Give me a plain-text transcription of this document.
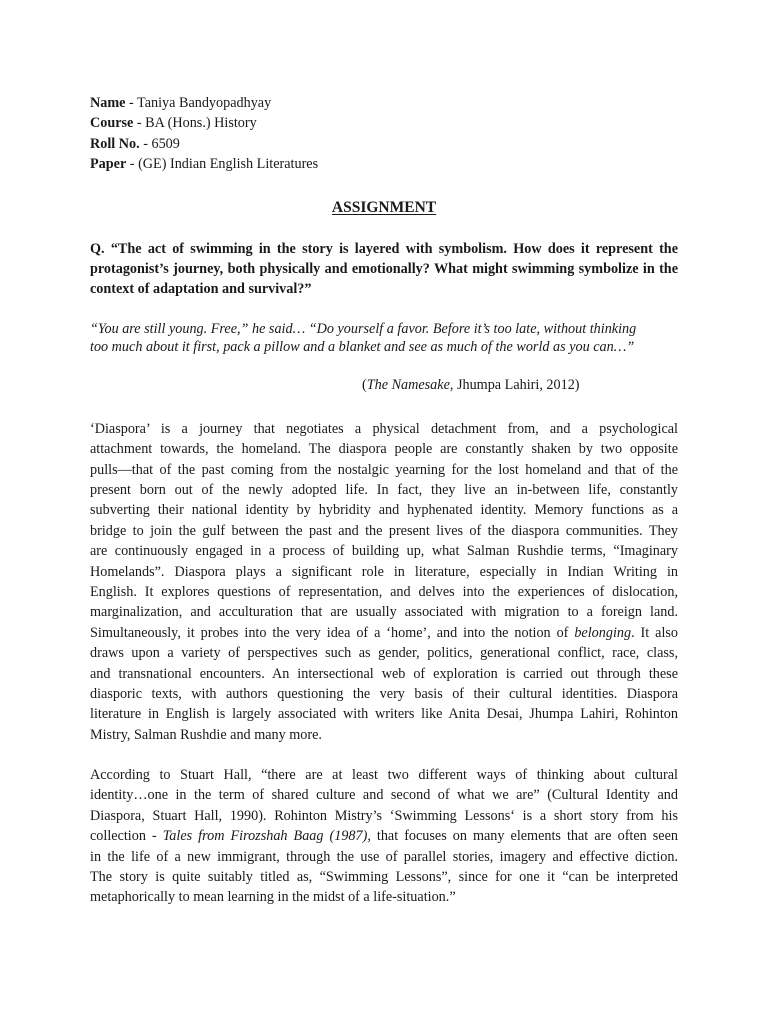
Name - Taniya Bandyopadhyay

Course - BA (Hons.) History

Roll No. - 6509

Paper - (GE) Indian English Literatures

ASSIGNMENT

Q. “The act of swimming in the story is layered with symbolism. How does it represent the protagonist’s journey, both physically and emotionally? What might swimming symbolize in the context of adaptation and survival?”

“You are still young. Free,” he said… “Do yourself a favor. Before it’s too late, without thinking
too much about it first, pack a pillow and a blanket and see as much of the world as you can…”
(The Namesake, Jhumpa Lahiri, 2012)
‘Diaspora’ is a journey that negotiates a physical detachment from, and a psychological
attachment towards, the homeland. The diaspora people are constantly shaken by two opposite
pulls—that of the past coming from the nostalgic yearning for the lost homeland and that of the
present born out of the newly adopted life. In fact, they live an in-between life, constantly
subverting their national identity by hybridity and hyphenated identity. Memory functions as a
bridge to join the gulf between the past and the present lives of the diaspora communities. They
are continuously engaged in a process of building up, what Salman Rushdie terms, “Imaginary
Homelands”. Diaspora plays a significant role in literature, especially in Indian Writing in
English. It explores questions of representation, and delves into the experiences of dislocation,
marginalization, and acculturation that are usually associated with migration to a foreign land.
Simultaneously, it probes into the very idea of a ‘home’, and into the notion of belonging. It also
draws upon a variety of perspectives such as gender, politics, generational conflict, race, class,
and transnational encounters. An intersectional web of exploration is carried out through these
diasporic texts, with authors questioning the very basis of their cultural identities. Diaspora
literature in English is largely associated with writers like Anita Desai, Jhumpa Lahiri, Rohinton
Mistry, Salman Rushdie and many more.
According to Stuart Hall, “there are at least two different ways of thinking about cultural
identity…one in the term of shared culture and second of what we are” (Cultural Identity and
Diaspora, Stuart Hall, 1990). Rohinton Mistry’s ‘Swimming Lessons‘ is a short story from his
collection - Tales from Firozshah Baag (1987), that focuses on many elements that are often seen
in the life of a new immigrant, through the use of parallel stories, imagery and effective diction.
The story is quite suitably titled as, “Swimming Lessons”, since for one it “can be interpreted
metaphorically to mean learning in the midst of a life-situation.”
